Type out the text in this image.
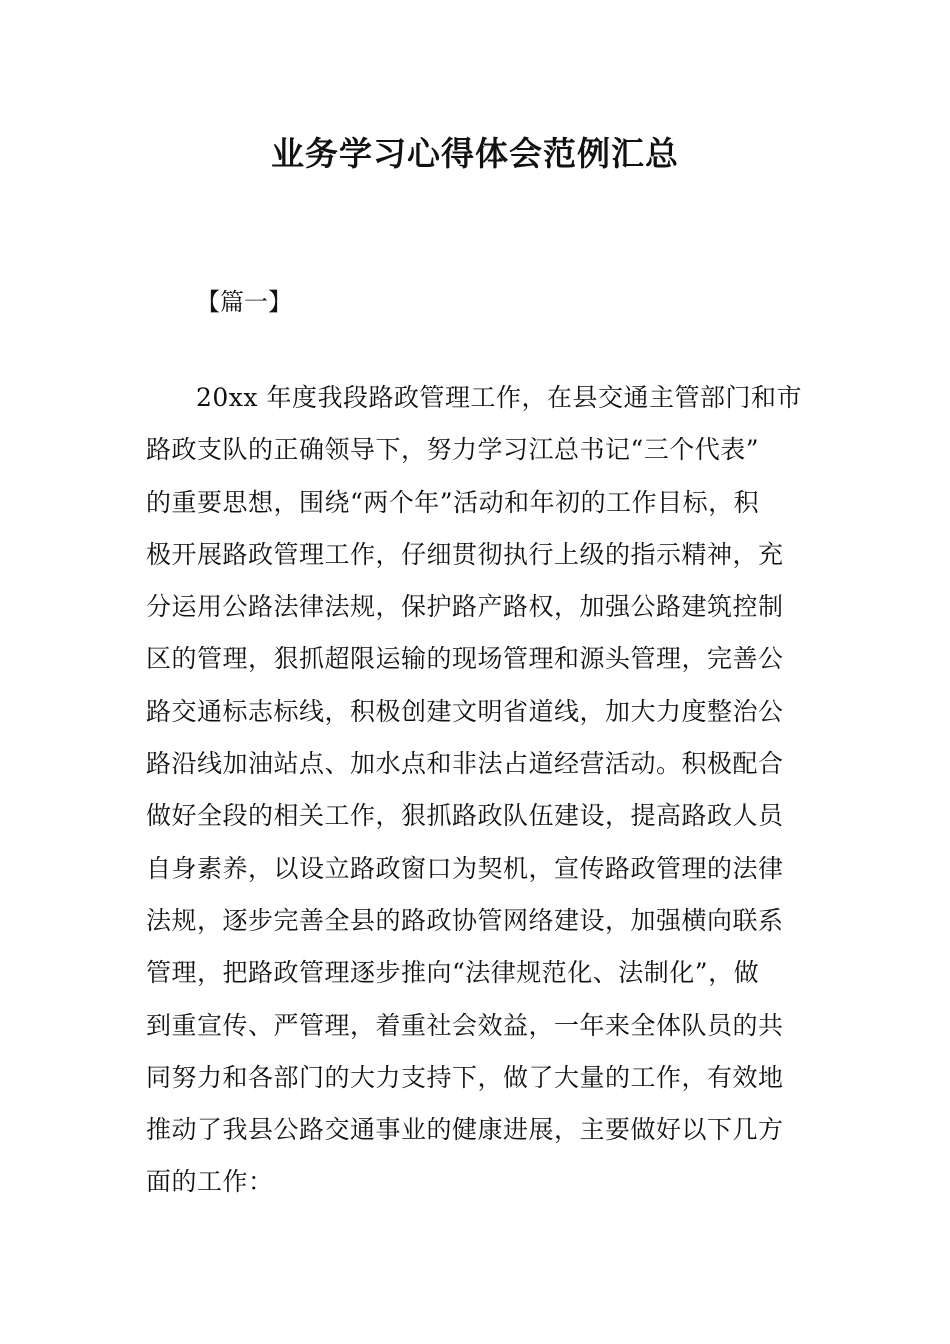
业务学习心得体会范例汇总
【篇一】
20xx 年度我段路政管理工作，在县交通主管部门和市
路政支队的正确领导下，努力学习江总书记“三个代表”
的重要思想，围绕“两个年”活动和年初的工作目标，积
极开展路政管理工作，仔细贯彻执行上级的指示精神，充
分运用公路法律法规，保护路产路权，加强公路建筑控制
区的管理，狠抓超限运输的现场管理和源头管理，完善公
路交通标志标线，积极创建文明省道线，加大力度整治公
路沿线加油站点、加水点和非法占道经营活动。积极配合
做好全段的相关工作，狠抓路政队伍建设，提高路政人员
自身素养，以设立路政窗口为契机，宣传路政管理的法律
法规，逐步完善全县的路政协管网络建设，加强横向联系
管理，把路政管理逐步推向“法律规范化、法制化”，做
到重宣传、严管理，着重社会效益，一年来全体队员的共
同努力和各部门的大力支持下，做了大量的工作，有效地
推动了我县公路交通事业的健康进展，主要做好以下几方
面的工作：
